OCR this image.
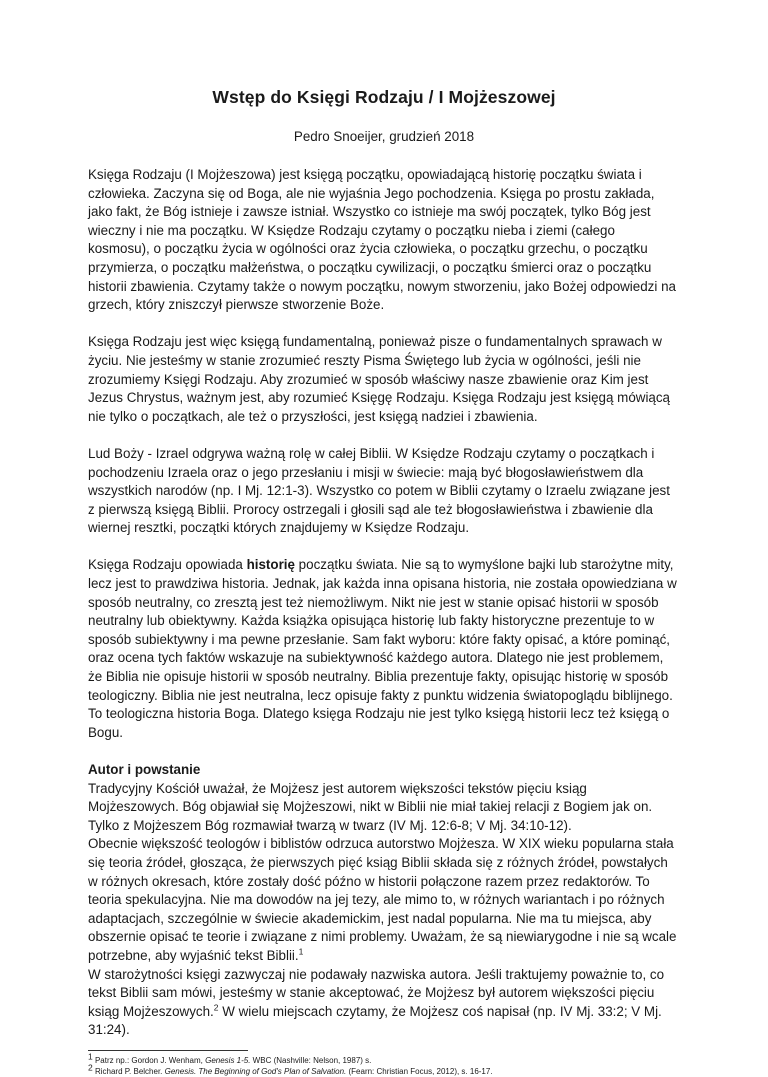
Wstęp do Księgi Rodzaju / I Mojżeszowej
Pedro Snoeijer, grudzień 2018

Księga Rodzaju (I Mojżeszowa) jest księgą początku, opowiadającą historię początku świata i człowieka. Zaczyna się od Boga, ale nie wyjaśnia Jego pochodzenia. Księga po prostu zakłada, jako fakt, że Bóg istnieje i zawsze istniał. Wszystko co istnieje ma swój początek, tylko Bóg jest wieczny i nie ma początku. W Księdze Rodzaju czytamy o początku nieba i ziemi (całego kosmosu), o początku życia w ogólności oraz życia człowieka, o początku grzechu, o początku przymierza, o początku małżeństwa, o początku cywilizacji, o początku śmierci oraz o początku historii zbawienia. Czytamy także o nowym początku, nowym stworzeniu, jako Bożej odpowiedzi na grzech, który zniszczył pierwsze stworzenie Boże.

Księga Rodzaju jest więc księgą fundamentalną, ponieważ pisze o fundamentalnych sprawach w życiu. Nie jesteśmy w stanie zrozumieć reszty Pisma Świętego lub życia w ogólności, jeśli nie zrozumiemy Księgi Rodzaju. Aby zrozumieć w sposób właściwy nasze zbawienie oraz Kim jest Jezus Chrystus, ważnym jest, aby rozumieć Księgę Rodzaju. Księga Rodzaju jest księgą mówiącą nie tylko o początkach, ale też o przyszłości, jest księgą nadziei i zbawienia.

Lud Boży - Izrael odgrywa ważną rolę w całej Biblii. W Księdze Rodzaju czytamy o początkach i pochodzeniu Izraela oraz o jego przesłaniu i misji w świecie: mają być błogosławieństwem dla wszystkich narodów (np. I Mj. 12:1-3). Wszystko co potem w Biblii czytamy o Izraelu związane jest z pierwszą księgą Biblii. Prorocy ostrzegali i głosili sąd ale też błogosławieństwa i zbawienie dla wiernej resztki, początki których znajdujemy w Księdze Rodzaju.

Księga Rodzaju opowiada historię początku świata. Nie są to wymyślone bajki lub starożytne mity, lecz jest to prawdziwa historia. Jednak, jak każda inna opisana historia, nie została opowiedziana w sposób neutralny, co zresztą jest też niemożliwym. Nikt nie jest w stanie opisać historii w sposób neutralny lub obiektywny. Każda książka opisująca historię lub fakty historyczne prezentuje to w sposób subiektywny i ma pewne przesłanie. Sam fakt wyboru: które fakty opisać, a które pominąć, oraz ocena tych faktów wskazuje na subiektywność każdego autora. Dlatego nie jest problemem, że Biblia nie opisuje historii w sposób neutralny. Biblia prezentuje fakty, opisując historię w sposób teologiczny. Biblia nie jest neutralna, lecz opisuje fakty z punktu widzenia światopoglądu biblijnego. To teologiczna historia Boga. Dlatego księga Rodzaju nie jest tylko księgą historii lecz też księgą o Bogu.

Autor i powstanie

Tradycyjny Kościół uważał, że Mojżesz jest autorem większości tekstów pięciu ksiąg Mojżeszowych. Bóg objawiał się Mojżeszowi, nikt w Biblii nie miał takiej relacji z Bogiem jak on. Tylko z Mojżeszem Bóg rozmawiał twarzą w twarz (IV Mj. 12:6-8; V Mj. 34:10-12).

Obecnie większość teologów i biblistów odrzuca autorstwo Mojżesza. W XIX wieku popularna stała się teoria źródeł, głosząca, że pierwszych pięć ksiąg Biblii składa się z różnych źródeł, powstałych w różnych okresach, które zostały dość późno w historii połączone razem przez redaktorów. To teoria spekulacyjna. Nie ma dowodów na jej tezy, ale mimo to, w różnych wariantach i po różnych adaptacjach, szczególnie w świecie akademickim, jest nadal popularna. Nie ma tu miejsca, aby obszernie opisać te teorie i związane z nimi problemy. Uważam, że są niewiarygodne i nie są wcale potrzebne, aby wyjaśnić tekst Biblii.$^1$

W starożytności księgi zazwyczaj nie podawały nazwiska autora. Jeśli traktujemy poważnie to, co tekst Biblii sam mówi, jesteśmy w stanie akceptować, że Mojżesz był autorem większości pięciu ksiąg Mojżeszowych.$^2$ W wielu miejscach czytamy, że Mojżesz coś napisał (np. IV Mj. 33:2; V Mj. 31:24).

$^1$ Patrz np.: Gordon J. Wenham, Genesis 1-5. WBC (Nashville: Nelson, 1987) s.

$^2$ Richard P. Belcher. Genesis. The Beginning of God's Plan of Salvation. (Fearn: Christian Focus, 2012), s. 16-17.
